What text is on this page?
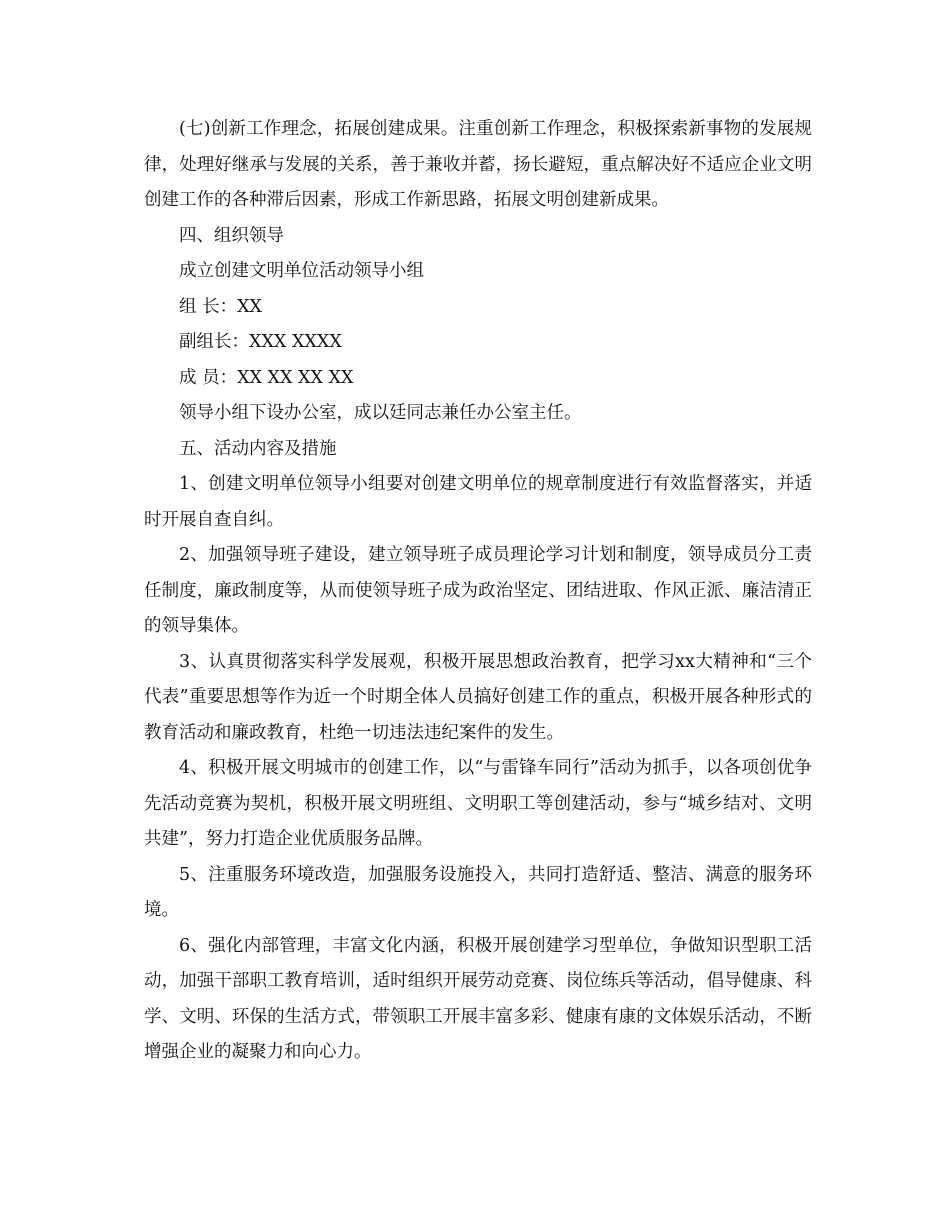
(七)创新工作理念，拓展创建成果。注重创新工作理念，积极探索新事物的发展规律，处理好继承与发展的关系，善于兼收并蓄，扬长避短，重点解决好不适应企业文明创建工作的各种滞后因素，形成工作新思路，拓展文明创建新成果。

四、组织领导

成立创建文明单位活动领导小组

组 长：XX

副组长：XXX XXXX

成 员：XX XX XX XX

领导小组下设办公室，成以廷同志兼任办公室主任。

五、活动内容及措施

1、创建文明单位领导小组要对创建文明单位的规章制度进行有效监督落实，并适时开展自查自纠。

2、加强领导班子建设，建立领导班子成员理论学习计划和制度，领导成员分工责任制度，廉政制度等，从而使领导班子成为政治坚定、团结进取、作风正派、廉洁清正的领导集体。

3、认真贯彻落实科学发展观，积极开展思想政治教育，把学习xx大精神和“三个代表”重要思想等作为近一个时期全体人员搞好创建工作的重点，积极开展各种形式的教育活动和廉政教育，杜绝一切违法违纪案件的发生。

4、积极开展文明城市的创建工作，以“与雷锋车同行”活动为抓手，以各项创优争先活动竞赛为契机，积极开展文明班组、文明职工等创建活动，参与“城乡结对、文明共建”，努力打造企业优质服务品牌。

5、注重服务环境改造，加强服务设施投入，共同打造舒适、整洁、满意的服务环境。

6、强化内部管理，丰富文化内涵，积极开展创建学习型单位，争做知识型职工活动，加强干部职工教育培训，适时组织开展劳动竞赛、岗位练兵等活动，倡导健康、科学、文明、环保的生活方式，带领职工开展丰富多彩、健康有康的文体娱乐活动，不断增强企业的凝聚力和向心力。
